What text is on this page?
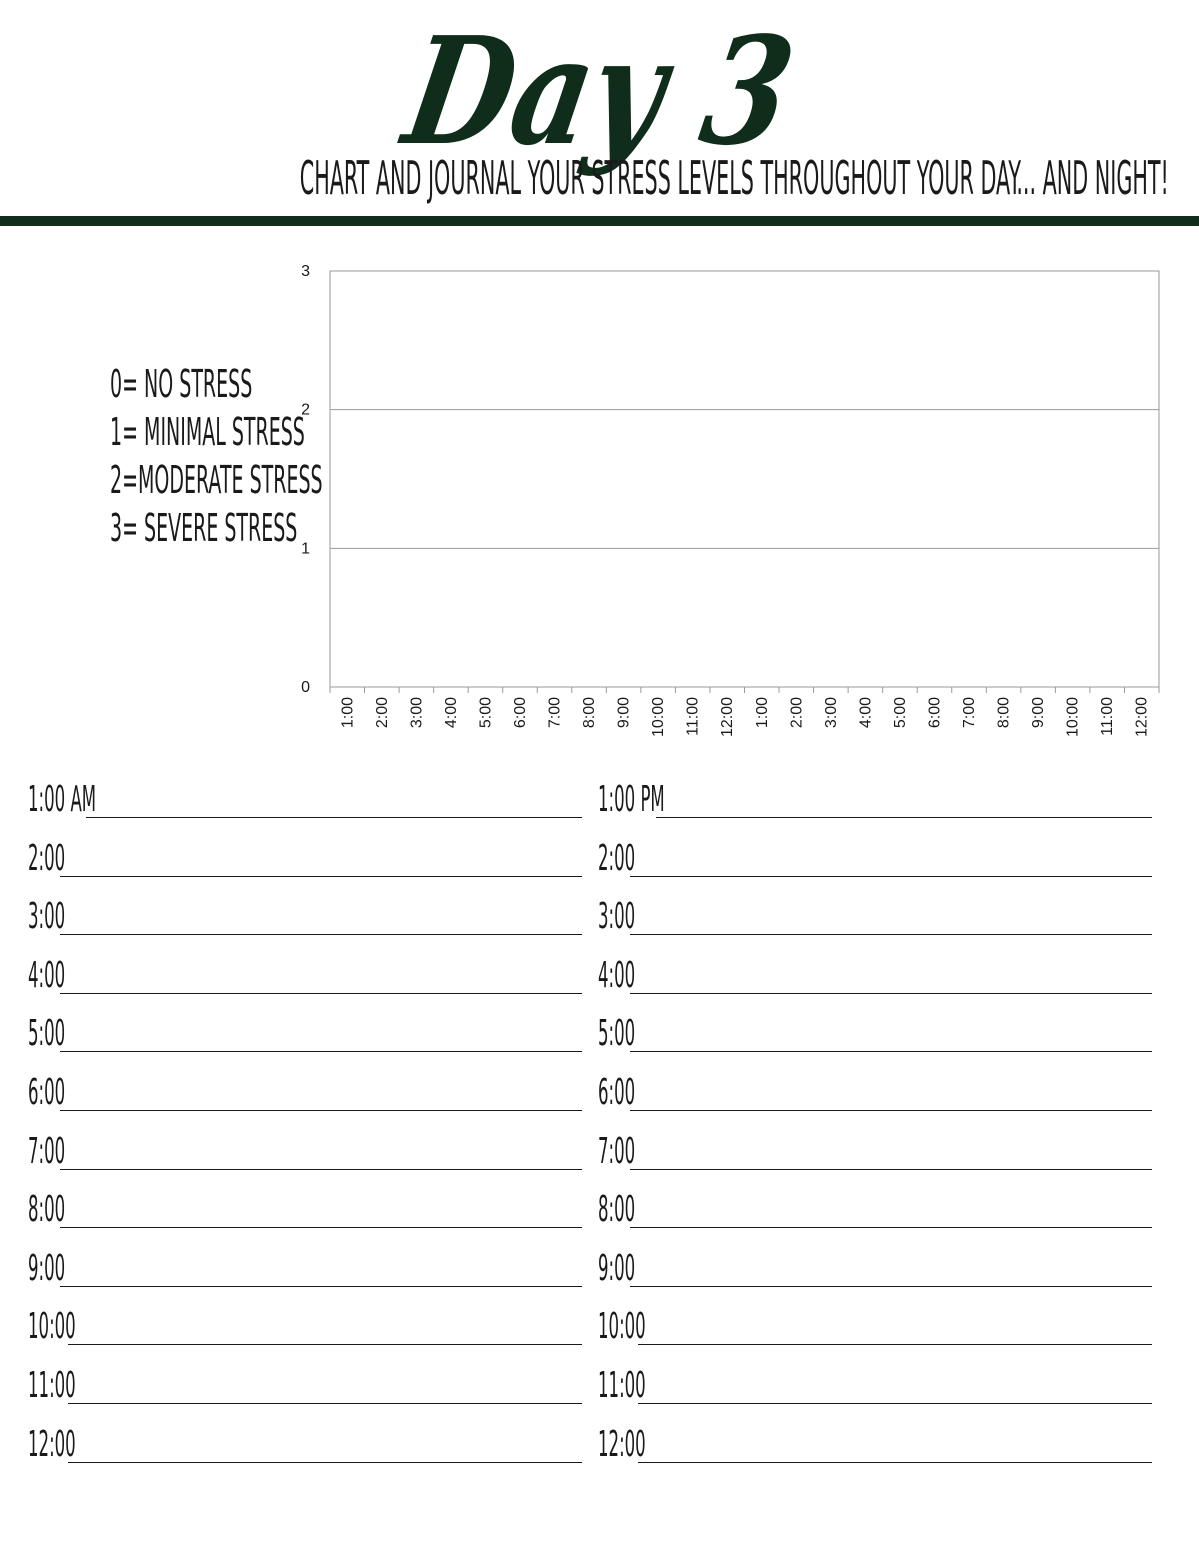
Day 3
CHART AND JOURNAL YOUR STRESS LEVELS THROUGHOUT YOUR DAY... AND NIGHT!
0= NO STRESS
1= MINIMAL STRESS
2=MODERATE STRESS
3= SEVERE STRESS
0
1
2
3
1:00 2:00 3:00 4:00 5:00 6:00 7:00 8:00 9:00 10:00 11:00 12:00 1:00 2:00 3:00 4:00 5:00 6:00 7:00 8:00 9:00 10:00 11:00 12:00
1:00 AM
2:00
3:00
4:00
5:00
6:00
7:00
8:00
9:00
10:00
11:00
12:00
1:00 PM
2:00
3:00
4:00
5:00
6:00
7:00
8:00
9:00
10:00
11:00
12:00
